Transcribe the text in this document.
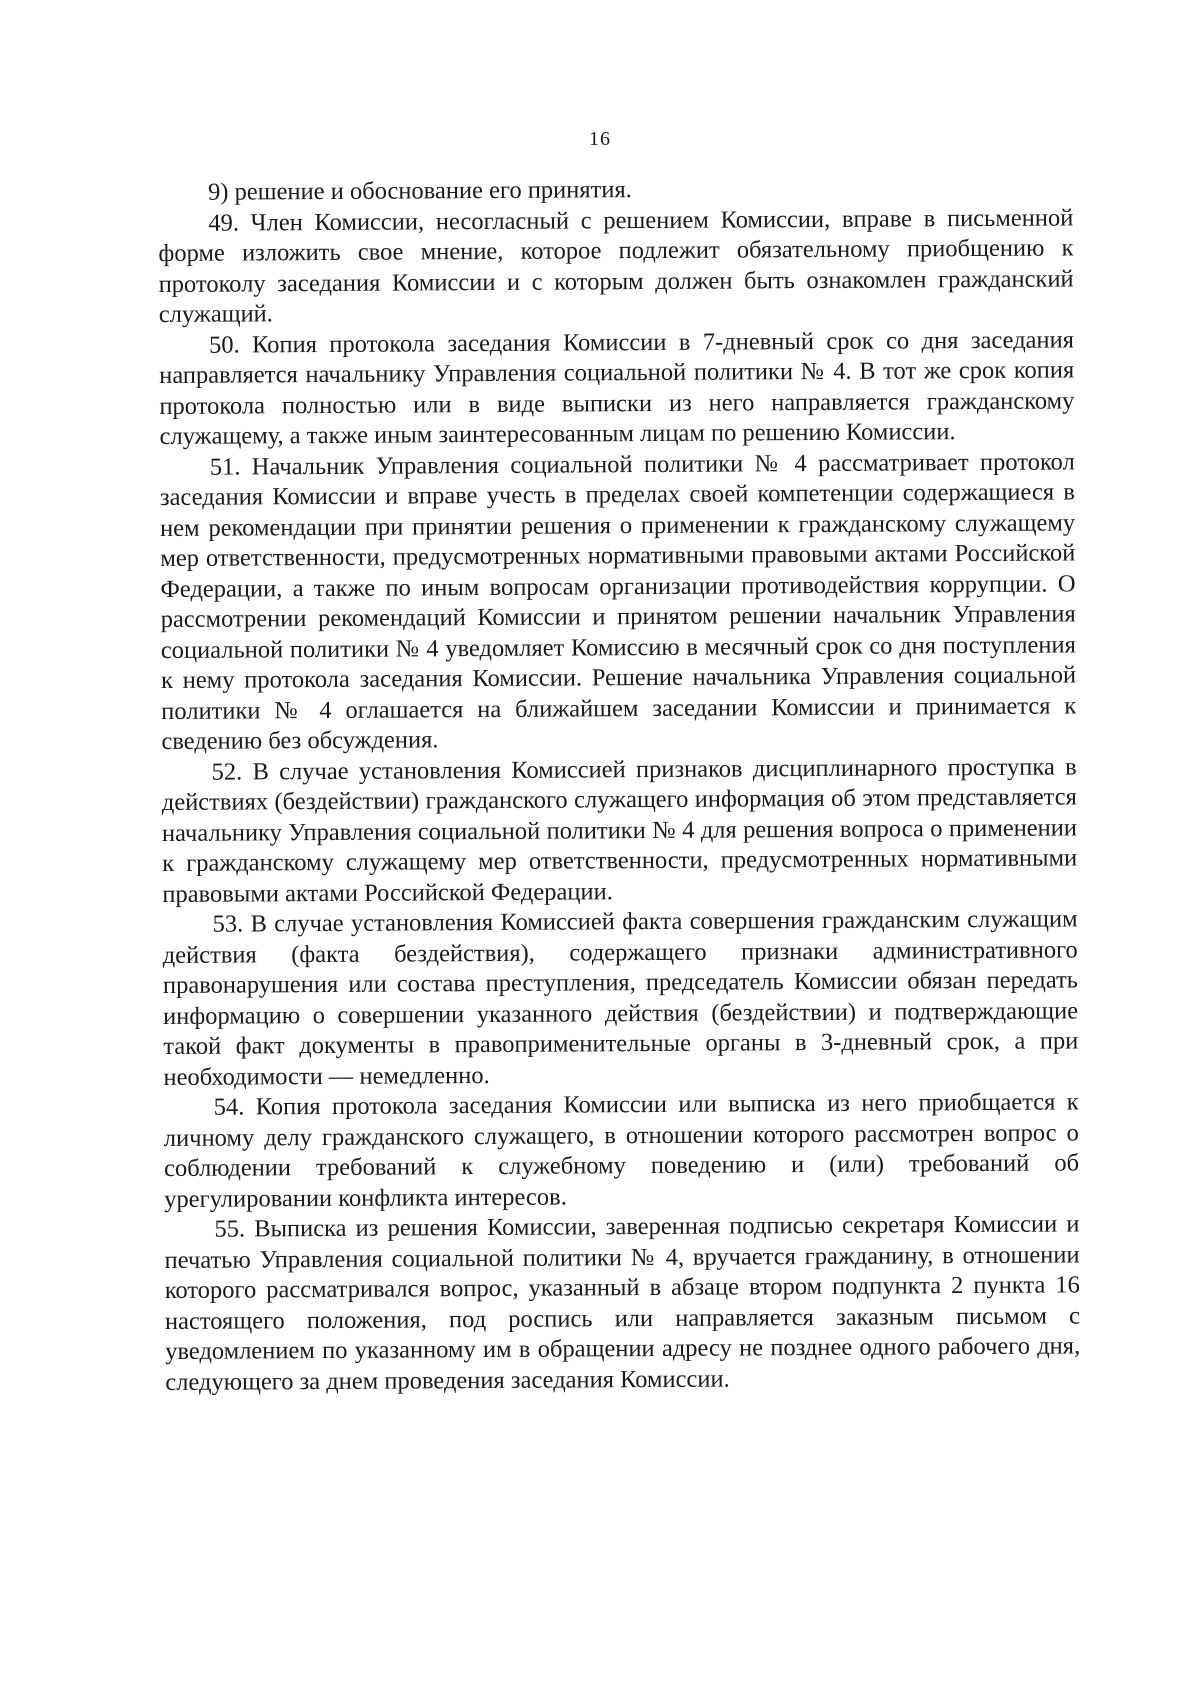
16

9) решение и обоснование его принятия.

49. Член Комиссии, несогласный с решением Комиссии, вправе в письменной форме изложить свое мнение, которое подлежит обязательному приобщению к протоколу заседания Комиссии и с которым должен быть ознакомлен гражданский служащий.

50. Копия протокола заседания Комиссии в 7-дневный срок со дня заседания направляется начальнику Управления социальной политики № 4. В тот же срок копия протокола полностью или в виде выписки из него направляется гражданскому служащему, а также иным заинтересованным лицам по решению Комиссии.

51. Начальник Управления социальной политики № 4 рассматривает протокол заседания Комиссии и вправе учесть в пределах своей компетенции содержащиеся в нем рекомендации при принятии решения о применении к гражданскому служащему мер ответственности, предусмотренных нормативными правовыми актами Российской Федерации, а также по иным вопросам организации противодействия коррупции. О рассмотрении рекомендаций Комиссии и принятом решении начальник Управления социальной политики № 4 уведомляет Комиссию в месячный срок со дня поступления к нему протокола заседания Комиссии. Решение начальника Управления социальной политики № 4 оглашается на ближайшем заседании Комиссии и принимается к сведению без обсуждения.

52. В случае установления Комиссией признаков дисциплинарного проступка в действиях (бездействии) гражданского служащего информация об этом представляется начальнику Управления социальной политики № 4 для решения вопроса о применении к гражданскому служащему мер ответственности, предусмотренных нормативными правовыми актами Российской Федерации.

53. В случае установления Комиссией факта совершения гражданским служащим действия (факта бездействия), содержащего признаки административного правонарушения или состава преступления, председатель Комиссии обязан передать информацию о совершении указанного действия (бездействии) и подтверждающие такой факт документы в правоприменительные органы в 3-дневный срок, а при необходимости — немедленно.

54. Копия протокола заседания Комиссии или выписка из него приобщается к личному делу гражданского служащего, в отношении которого рассмотрен вопрос о соблюдении требований к служебному поведению и (или) требований об урегулировании конфликта интересов.

55. Выписка из решения Комиссии, заверенная подписью секретаря Комиссии и печатью Управления социальной политики № 4, вручается гражданину, в отношении которого рассматривался вопрос, указанный в абзаце втором подпункта 2 пункта 16 настоящего положения, под роспись или направляется заказным письмом с уведомлением по указанному им в обращении адресу не позднее одного рабочего дня, следующего за днем проведения заседания Комиссии.
